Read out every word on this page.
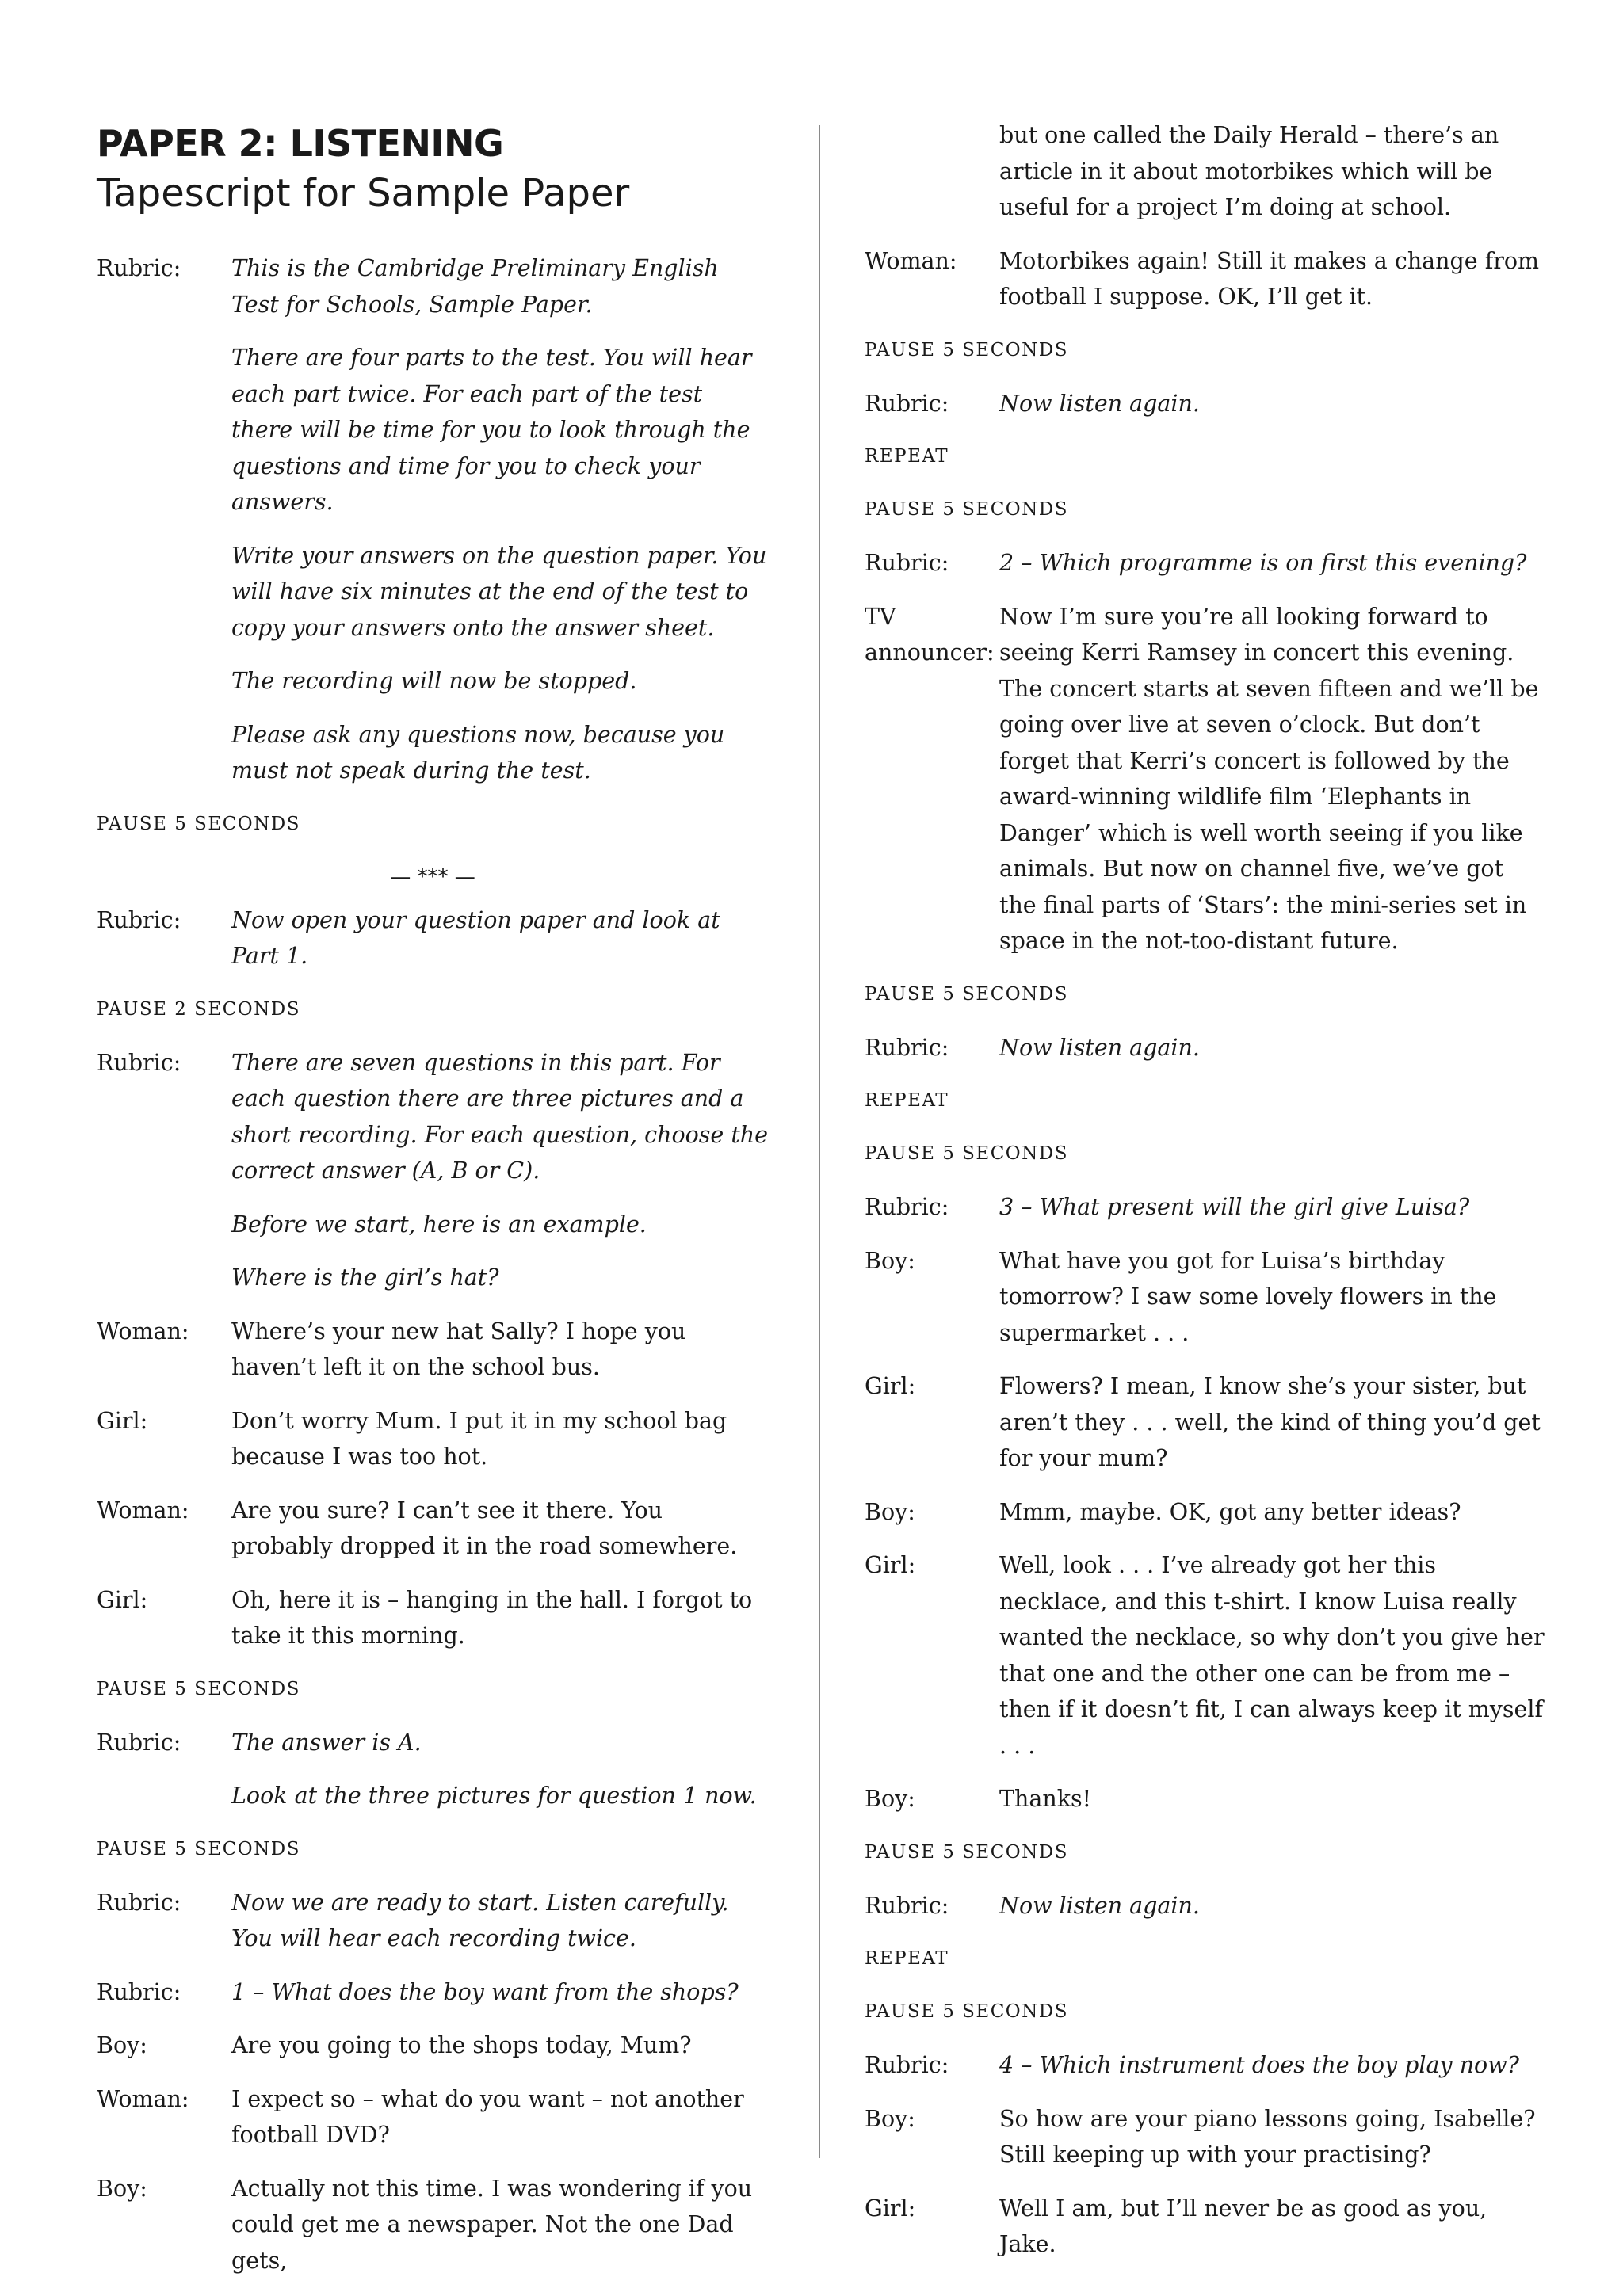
PAPER 2: LISTENING
Tapescript for Sample Paper
Rubric:	This is the Cambridge Preliminary English Test for Schools, Sample Paper.
There are four parts to the test. You will hear each part twice. For each part of the test there will be time for you to look through the questions and time for you to check your answers.
Write your answers on the question paper. You will have six minutes at the end of the test to copy your answers onto the answer sheet.
The recording will now be stopped.
Please ask any questions now, because you must not speak during the test.
PAUSE 5 SECONDS
— *** —
Rubric:	Now open your question paper and look at Part 1.
PAUSE 2 SECONDS
Rubric:	There are seven questions in this part. For each question there are three pictures and a short recording. For each question, choose the correct answer (A, B or C).
Before we start, here is an example.
Where is the girl’s hat?
Woman:	Where’s your new hat Sally? I hope you haven’t left it on the school bus.
Girl:	Don’t worry Mum. I put it in my school bag because I was too hot.
Woman:	Are you sure? I can’t see it there. You probably dropped it in the road somewhere.
Girl:	Oh, here it is – hanging in the hall. I forgot to take it this morning.
PAUSE 5 SECONDS
Rubric:	The answer is A.
Look at the three pictures for question 1 now.
PAUSE 5 SECONDS
Rubric:	Now we are ready to start. Listen carefully. You will hear each recording twice.
Rubric:	1 – What does the boy want from the shops?
Boy:	Are you going to the shops today, Mum?
Woman:	I expect so – what do you want – not another football DVD?
Boy:	Actually not this time. I was wondering if you could get me a newspaper. Not the one Dad gets,
but one called the Daily Herald – there’s an article in it about motorbikes which will be useful for a project I’m doing at school.
Woman:	Motorbikes again! Still it makes a change from football I suppose. OK, I’ll get it.
PAUSE 5 SECONDS
Rubric:	Now listen again.
REPEAT
PAUSE 5 SECONDS
Rubric:	2 – Which programme is on first this evening?
TV announcer:
Now I’m sure you’re all looking forward to seeing Kerri Ramsey in concert this evening. The concert starts at seven fifteen and we’ll be going over live at seven o’clock. But don’t forget that Kerri’s concert is followed by the award-winning wildlife film ‘Elephants in Danger’ which is well worth seeing if you like animals. But now on channel five, we’ve got the final parts of ‘Stars’: the mini-series set in space in the not-too-distant future.
PAUSE 5 SECONDS
Rubric:	Now listen again.
REPEAT
PAUSE 5 SECONDS
Rubric:	3 – What present will the girl give Luisa?
Boy:	What have you got for Luisa’s birthday tomorrow? I saw some lovely flowers in the supermarket . . .
Girl:	Flowers? I mean, I know she’s your sister, but aren’t they . . . well, the kind of thing you’d get for your mum?
Boy:	Mmm, maybe. OK, got any better ideas?
Girl:	Well, look . . . I’ve already got her this necklace, and this t-shirt. I know Luisa really wanted the necklace, so why don’t you give her that one and the other one can be from me – then if it doesn’t fit, I can always keep it myself . . .
Boy:	Thanks!
PAUSE 5 SECONDS
Rubric:	Now listen again.
REPEAT
PAUSE 5 SECONDS
Rubric:	4 – Which instrument does the boy play now?
Boy:	So how are your piano lessons going, Isabelle? Still keeping up with your practising?
Girl:	Well I am, but I’ll never be as good as you, Jake.
